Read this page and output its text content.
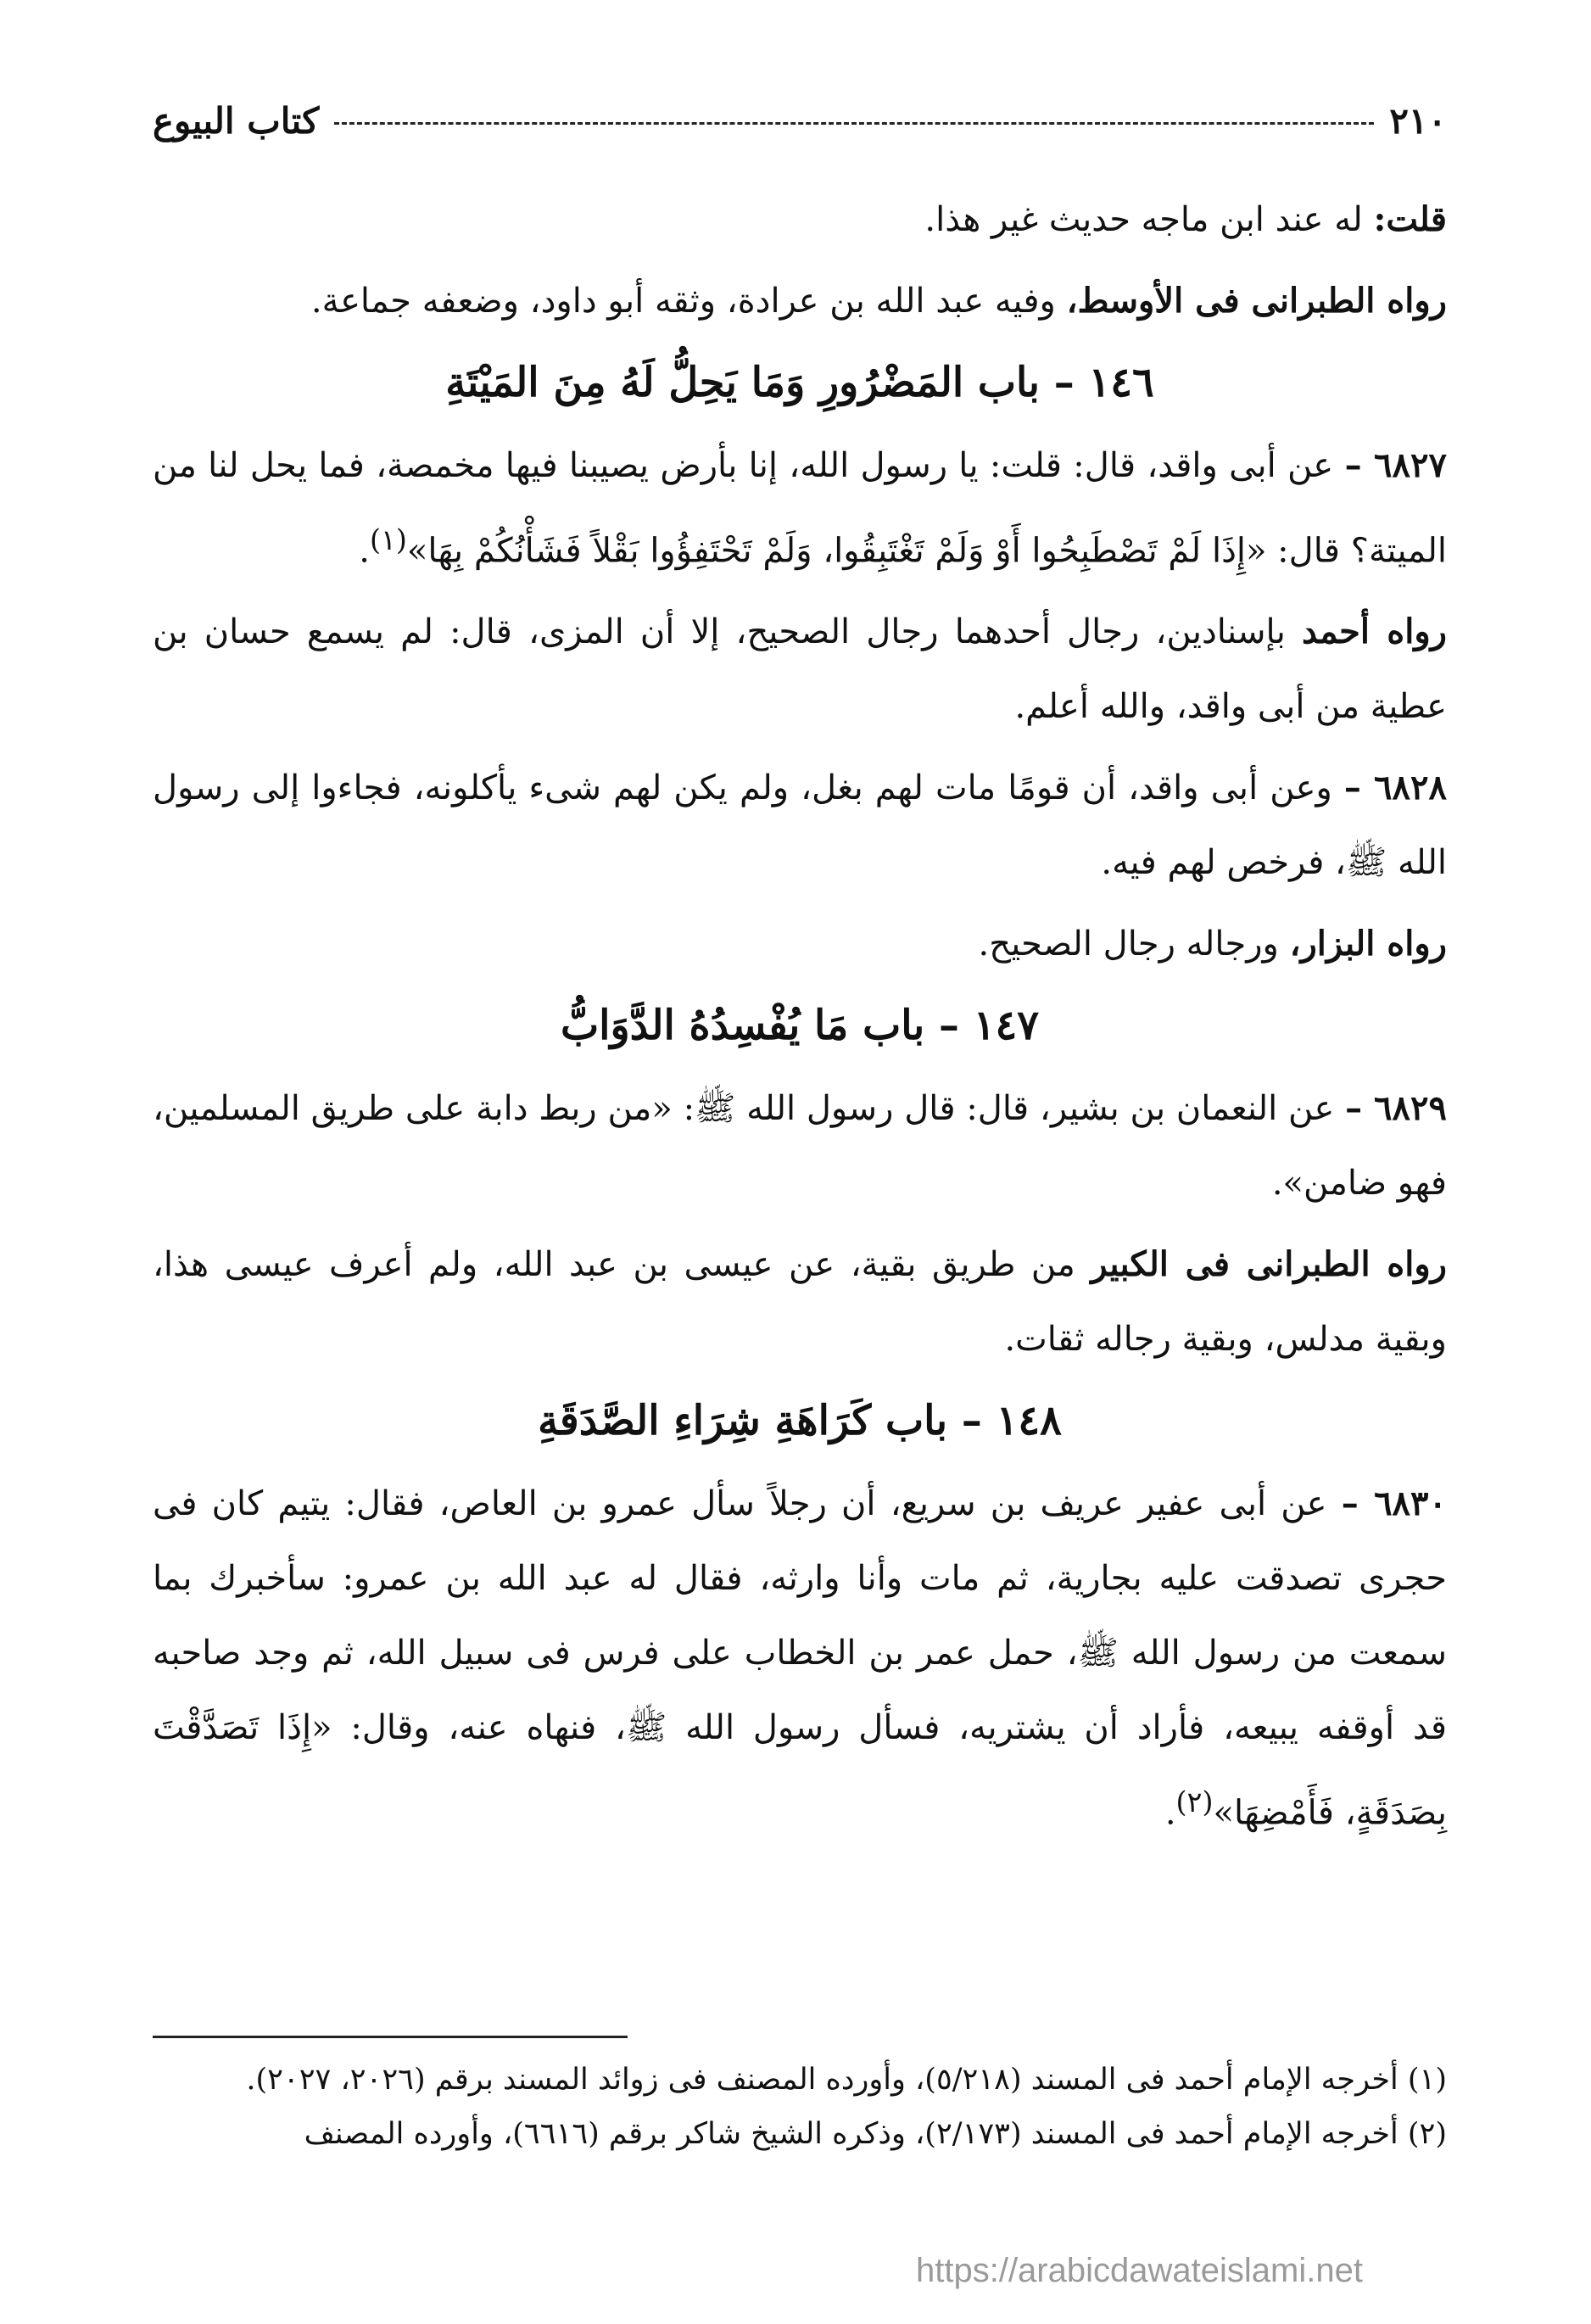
٢١٠
كتاب البيوع

قلت: له عند ابن ماجه حديث غير هذا.

رواه الطبرانى فى الأوسط، وفيه عبد الله بن عرادة، وثقه أبو داود، وضعفه جماعة.

١٤٦ – باب المَضْرُورِ وَمَا يَحِلُّ لَهُ مِنَ المَيْتَةِ

٦٨٢٧ – عن أبى واقد، قال: قلت: يا رسول الله، إنا بأرض يصيبنا فيها مخمصة، فما يحل لنا من الميتة؟ قال: «إِذَا لَمْ تَصْطَبِحُوا أَوْ وَلَمْ تَغْتَبِقُوا، وَلَمْ تَحْتَفِؤُوا بَقْلاً فَشَأْنُكُمْ بِهَا»$^{(١)}$.

رواه أحمد بإسنادين، رجال أحدهما رجال الصحيح، إلا أن المزى، قال: لم يسمع حسان بن عطية من أبى واقد، والله أعلم.

٦٨٢٨ – وعن أبى واقد، أن قومًا مات لهم بغل، ولم يكن لهم شىء يأكلونه، فجاءوا إلى رسول الله ﷺ، فرخص لهم فيه.

رواه البزار، ورجاله رجال الصحيح.

١٤٧ – باب مَا يُفْسِدُهُ الدَّوَابُّ

٦٨٢٩ – عن النعمان بن بشير، قال: قال رسول الله ﷺ: «من ربط دابة على طريق المسلمين، فهو ضامن».

رواه الطبرانى فى الكبير من طريق بقية، عن عيسى بن عبد الله، ولم أعرف عيسى هذا، وبقية مدلس، وبقية رجاله ثقات.

١٤٨ – باب كَرَاهَةِ شِرَاءِ الصَّدَقَةِ

٦٨٣٠ – عن أبى عفير عريف بن سريع، أن رجلاً سأل عمرو بن العاص، فقال: يتيم كان فى حجرى تصدقت عليه بجارية، ثم مات وأنا وارثه، فقال له عبد الله بن عمرو: سأخبرك بما سمعت من رسول الله ﷺ، حمل عمر بن الخطاب على فرس فى سبيل الله، ثم وجد صاحبه قد أوقفه يبيعه، فأراد أن يشتريه، فسأل رسول الله ﷺ، فنهاه عنه، وقال: «إِذَا تَصَدَّقْتَ بِصَدَقَةٍ، فَأَمْضِهَا»$^{(٢)}$.

(١) أخرجه الإمام أحمد فى المسند (٥/٢١٨)، وأورده المصنف فى زوائد المسند برقم (٢٠٢٦، ٢٠٢٧).

(٢) أخرجه الإمام أحمد فى المسند (٢/١٧٣)، وذكره الشيخ شاكر برقم (٦٦١٦)، وأورده المصنف

https://arabicdawateislami.net
